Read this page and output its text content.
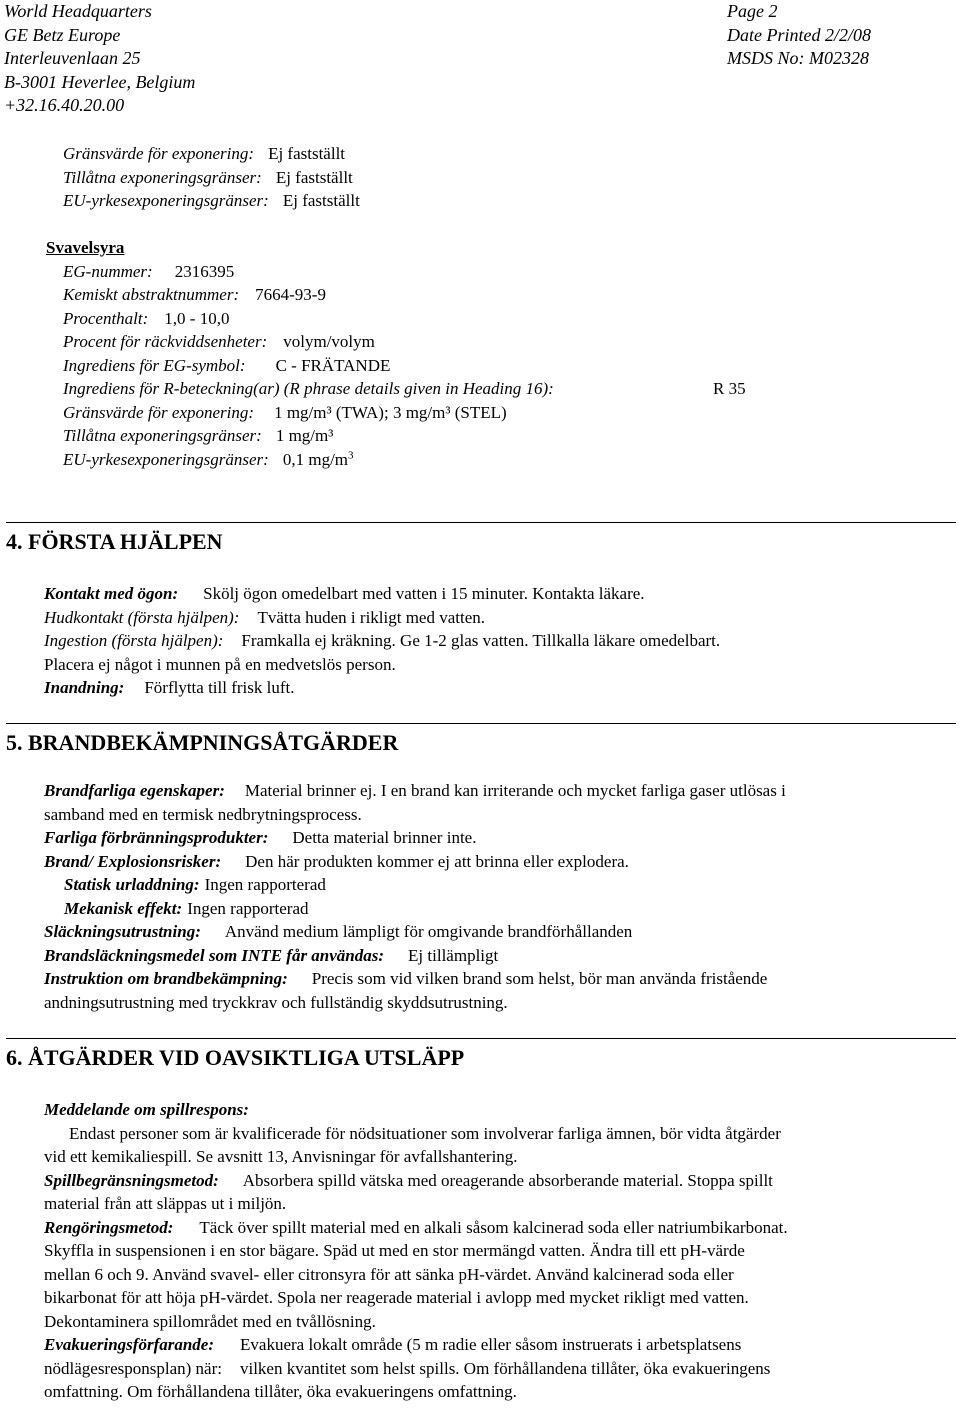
World Headquarters
GE Betz Europe
Interleuvenlaan 25
B-3001 Heverlee, Belgium
+32.16.40.20.00
Page 2
Date Printed 2/2/08
MSDS No: M02328
Gränsvärde för exponering: Ej fastställt
Tillåtna exponeringsgränser: Ej fastställt
EU-yrkesexponeringsgränser: Ej fastställt
Svavelsyra
EG-nummer: 2316395
Kemiskt abstraktnummer: 7664-93-9
Procenthalt: 1,0 - 10,0
Procent för räckviddsenheter: volym/volym
Ingrediens för EG-symbol: C - FRÄTANDE
Ingrediens för R-beteckning(ar) (R phrase details given in Heading 16):	R 35
Gränsvärde för exponering: 1 mg/m³ (TWA); 3 mg/m³ (STEL)
Tillåtna exponeringsgränser: 1 mg/m³
EU-yrkesexponeringsgränser: 0,1 $mg/m^3$
4. FÖRSTA HJÄLPEN
Kontakt med ögon: Skölj ögon omedelbart med vatten i 15 minuter. Kontakta läkare.
Hudkontakt (första hjälpen): Tvätta huden i rikligt med vatten.
Ingestion (första hjälpen): Framkalla ej kräkning. Ge 1-2 glas vatten. Tillkalla läkare omedelbart.
Placera ej något i munnen på en medvetslös person.
Inandning: Förflytta till frisk luft.
5. BRANDBEKÄMPNINGSÅTGÄRDER
Brandfarliga egenskaper: Material brinner ej. I en brand kan irriterande och mycket farliga gaser utlösas i
samband med en termisk nedbrytningsprocess.
Farliga förbränningsprodukter: Detta material brinner inte.
Brand/ Explosionsrisker: Den här produkten kommer ej att brinna eller explodera.
Statisk urladdning: Ingen rapporterad
Mekanisk effekt: Ingen rapporterad
Släckningsutrustning: Använd medium lämpligt för omgivande brandförhållanden
Brandsläckningsmedel som INTE får användas: Ej tillämpligt
Instruktion om brandbekämpning: Precis som vid vilken brand som helst, bör man använda fristående
andningsutrustning med tryckkrav och fullständig skyddsutrustning.
6. ÅTGÄRDER VID OAVSIKTLIGA UTSLÄPP
Meddelande om spillrespons:
Endast personer som är kvalificerade för nödsituationer som involverar farliga ämnen, bör vidta åtgärder
vid ett kemikaliespill. Se avsnitt 13, Anvisningar för avfallshantering.
Spillbegränsningsmetod: Absorbera spilld vätska med oreagerande absorberande material. Stoppa spillt
material från att släppas ut i miljön.
Rengöringsmetod: Täck över spillt material med en alkali såsom kalcinerad soda eller natriumbikarbonat.
Skyffla in suspensionen i en stor bägare. Späd ut med en stor mermängd vatten. Ändra till ett pH-värde
mellan 6 och 9. Använd svavel- eller citronsyra för att sänka pH-värdet. Använd kalcinerad soda eller
bikarbonat för att höja pH-värdet. Spola ner reagerade material i avlopp med mycket rikligt med vatten.
Dekontaminera spillområdet med en tvållösning.
Evakueringsförfarande: Evakuera lokalt område (5 m radie eller såsom instruerats i arbetsplatsens
nödlägesresponsplan) när: vilken kvantitet som helst spills. Om förhållandena tillåter, öka evakueringens
omfattning. Om förhållandena tillåter, öka evakueringens omfattning.
